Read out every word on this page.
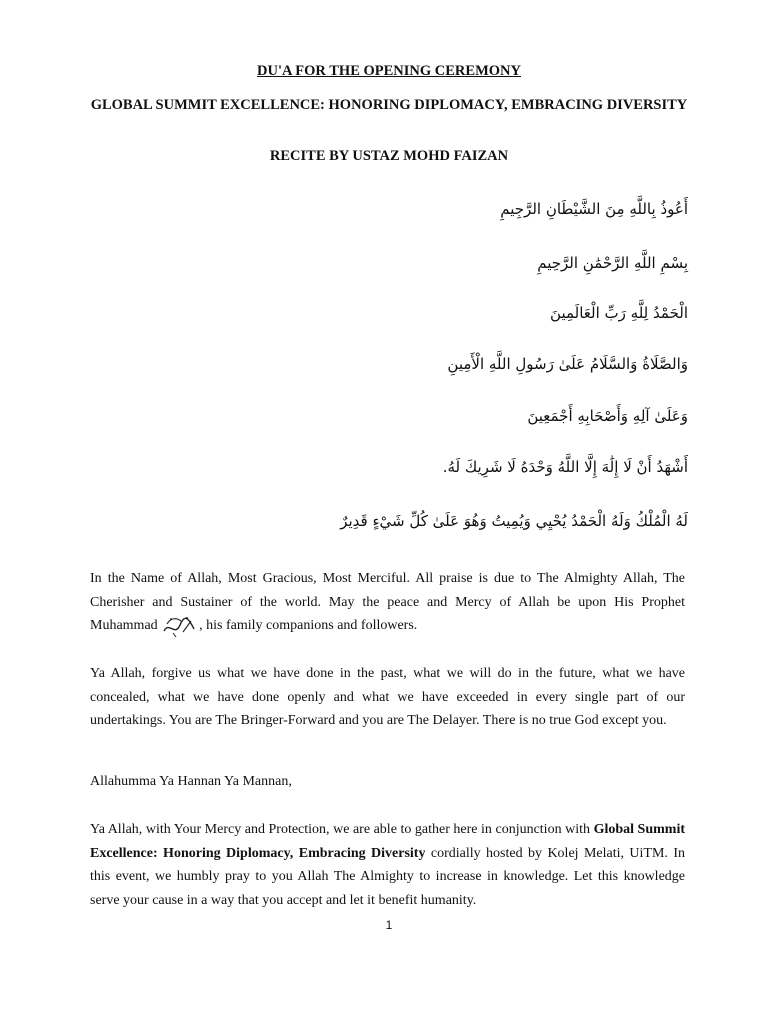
DU'A FOR THE OPENING CEREMONY

GLOBAL SUMMIT EXCELLENCE: HONORING DIPLOMACY, EMBRACING DIVERSITY

RECITE BY USTAZ MOHD FAIZAN

أَعُوذُ بِاللَّهِ مِنَ الشَّيْطَانِ الرَّجِيمِ

بِسْمِ اللَّهِ الرَّحْمَٰنِ الرَّحِيمِ

الْحَمْدُ لِلَّهِ رَبِّ الْعَالَمِينَ

وَالصَّلَاةُ وَالسَّلَامُ عَلَىٰ رَسُولِ اللَّهِ الْأَمِينِ

وَعَلَىٰ آلِهِ وَأَصْحَابِهِ أَجْمَعِينَ

أَشْهَدُ أَنْ لَا إِلَٰهَ إِلَّا اللَّهُ وَحْدَهُ لَا شَرِيكَ لَهُ.

لَهُ الْمُلْكُ وَلَهُ الْحَمْدُ يُحْيِي وَيُمِيتُ وَهُوَ عَلَىٰ كُلِّ شَيْءٍ قَدِيرٌ

In the Name of Allah, Most Gracious, Most Merciful. All praise is due to The Almighty Allah, The Cherisher and Sustainer of the world. May the peace and Mercy of Allah be upon His Prophet Muhammad	, his family companions and followers.

Ya Allah, forgive us what we have done in the past, what we will do in the future, what we have concealed, what we have done openly and what we have exceeded in every single part of our undertakings. You are The Bringer-Forward and you are The Delayer. There is no true God except you.

Allahumma Ya Hannan Ya Mannan,

Ya Allah, with Your Mercy and Protection, we are able to gather here in conjunction with Global Summit Excellence: Honoring Diplomacy, Embracing Diversity cordially hosted by Kolej Melati, UiTM. In this event, we humbly pray to you Allah The Almighty to increase in knowledge. Let this knowledge serve your cause in a way that you accept and let it benefit humanity.

1
